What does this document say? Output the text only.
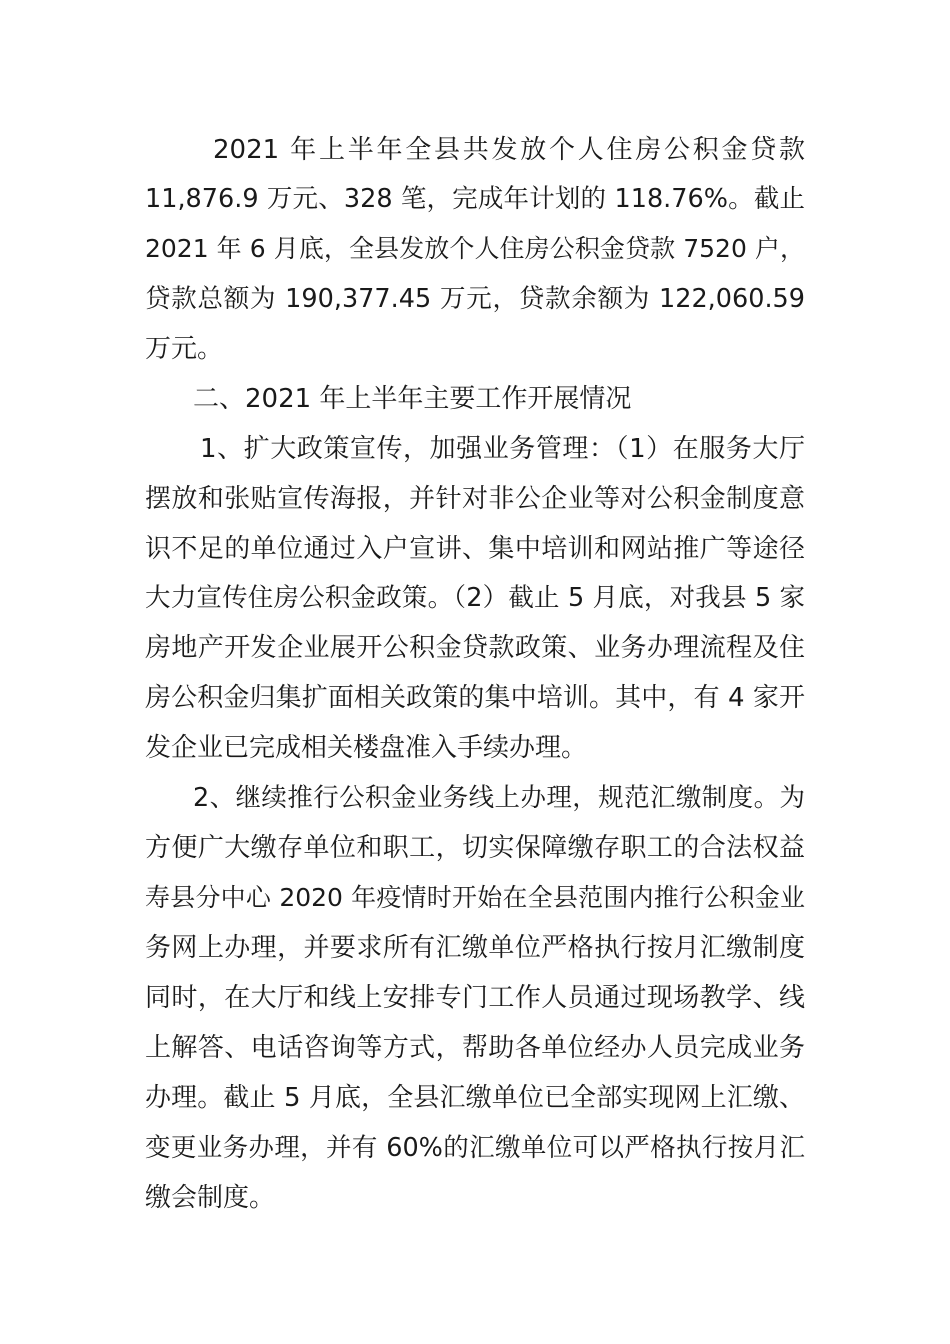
2021 年上半年全县共发放个人住房公积金贷款
11,876.9 万元、328 笔，完成年计划的 118.76%。截止
2021 年 6 月底，全县发放个人住房公积金贷款 7520 户，
贷款总额为 190,377.45 万元，贷款余额为 122,060.59
万元。
二、2021 年上半年主要工作开展情况
1、扩大政策宣传，加强业务管理：（1）在服务大厅
摆放和张贴宣传海报，并针对非公企业等对公积金制度意
识不足的单位通过入户宣讲、集中培训和网站推广等途径
大力宣传住房公积金政策。（2）截止 5 月底，对我县 5 家
房地产开发企业展开公积金贷款政策、业务办理流程及住
房公积金归集扩面相关政策的集中培训。其中，有 4 家开
发企业已完成相关楼盘准入手续办理。
2、继续推行公积金业务线上办理，规范汇缴制度。为
方便广大缴存单位和职工，切实保障缴存职工的合法权益
寿县分中心 2020 年疫情时开始在全县范围内推行公积金业
务网上办理，并要求所有汇缴单位严格执行按月汇缴制度
同时，在大厅和线上安排专门工作人员通过现场教学、线
上解答、电话咨询等方式，帮助各单位经办人员完成业务
办理。截止 5 月底，全县汇缴单位已全部实现网上汇缴、
变更业务办理，并有 60%的汇缴单位可以严格执行按月汇
缴会制度。
